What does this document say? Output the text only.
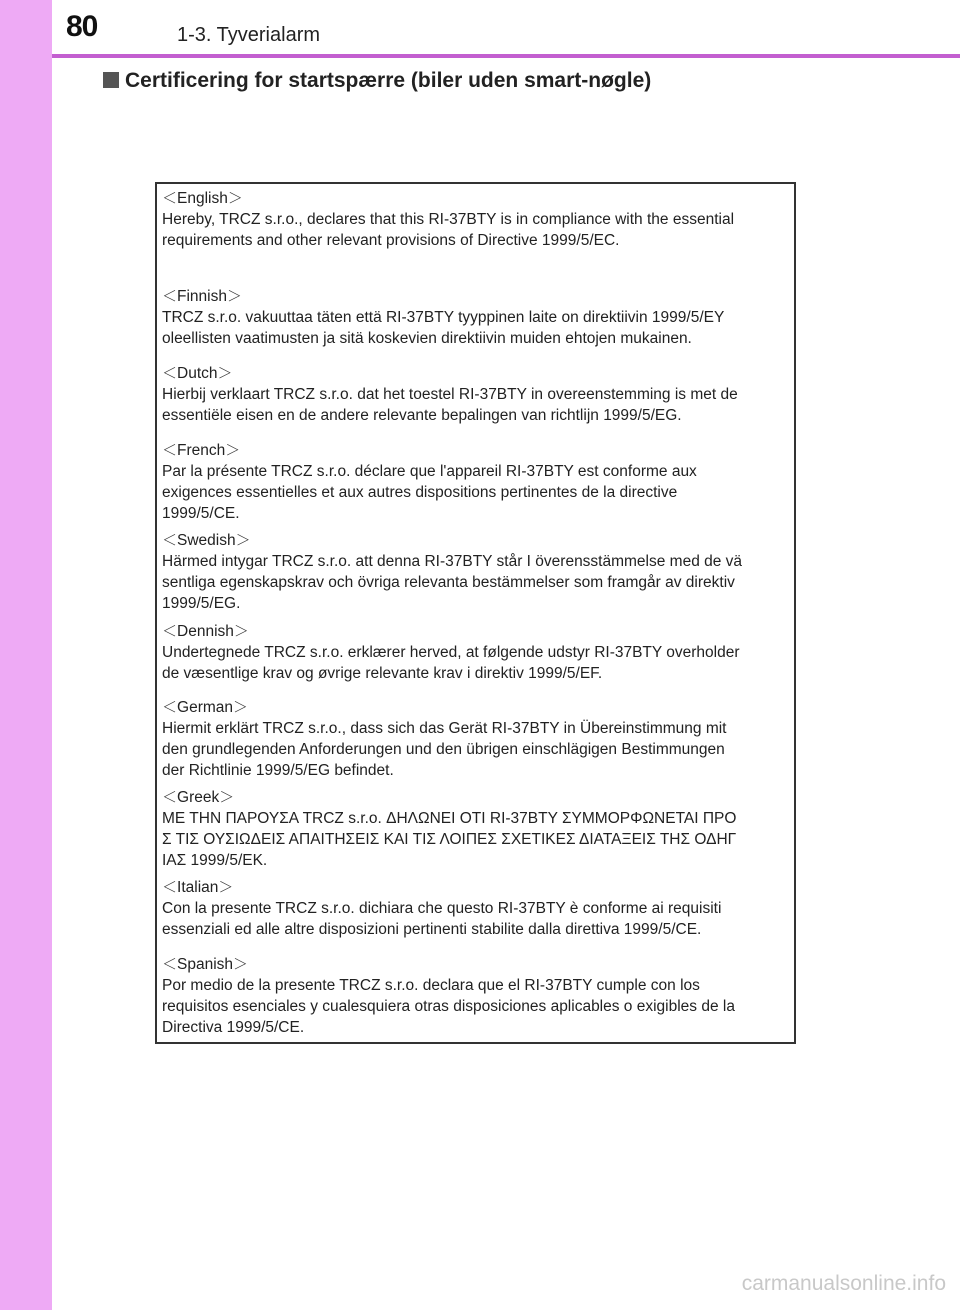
80	1-3. Tyverialarm
Certificering for startspærre (biler uden smart-nøgle)
＜English＞
Hereby, TRCZ s.r.o., declares that this RI-37BTY is in compliance with the essential
requirements and other relevant provisions of Directive 1999/5/EC.
＜Finnish＞
TRCZ s.r.o. vakuuttaa täten että RI-37BTY tyyppinen laite on direktiivin 1999/5/EY
oleellisten vaatimusten ja sitä koskevien direktiivin muiden ehtojen mukainen.
＜Dutch＞
Hierbij verklaart TRCZ s.r.o. dat het toestel RI-37BTY in overeenstemming is met de
essentiële eisen en de andere relevante bepalingen van richtlijn 1999/5/EG.
＜French＞
Par la présente TRCZ s.r.o. déclare que l'appareil RI-37BTY est conforme aux
exigences essentielles et aux autres dispositions pertinentes de la directive
1999/5/CE.
＜Swedish＞
Härmed intygar TRCZ s.r.o. att denna RI-37BTY står I överensstämmelse med de vä
sentliga egenskapskrav och övriga relevanta bestämmelser som framgår av direktiv
1999/5/EG.
＜Dennish＞
Undertegnede TRCZ s.r.o. erklærer herved, at følgende udstyr RI-37BTY overholder
de væsentlige krav og øvrige relevante krav i direktiv 1999/5/EF.
＜German＞
Hiermit erklärt TRCZ s.r.o., dass sich das Gerät RI-37BTY in Übereinstimmung mit
den grundlegenden Anforderungen und den übrigen einschlägigen Bestimmungen
der Richtlinie 1999/5/EG befindet.
＜Greek＞
ΜΕ ΤΗΝ ΠΑΡΟΥΣΑ TRCZ s.r.o. ΔΗΛΩΝΕΙ ΟΤΙ RI-37BTY ΣΥΜΜΟΡΦΩΝΕΤΑΙ ΠΡΟ
Σ ΤΙΣ ΟΥΣΙΩΔΕΙΣ ΑΠΑΙΤΗΣΕΙΣ ΚΑΙ ΤΙΣ ΛΟΙΠΕΣ ΣΧΕΤΙΚΕΣ ΔΙΑΤΑΞΕΙΣ ΤΗΣ ΟΔΗΓ
ΙΑΣ 1999/5/ΕΚ.
＜Italian＞
Con la presente TRCZ s.r.o. dichiara che questo RI-37BTY è conforme ai requisiti
essenziali ed alle altre disposizioni pertinenti stabilite dalla direttiva 1999/5/CE.
＜Spanish＞
Por medio de la presente TRCZ s.r.o. declara que el RI-37BTY cumple con los
requisitos esenciales y cualesquiera otras disposiciones aplicables o exigibles de la
Directiva 1999/5/CE.
carmanualsonline.info
